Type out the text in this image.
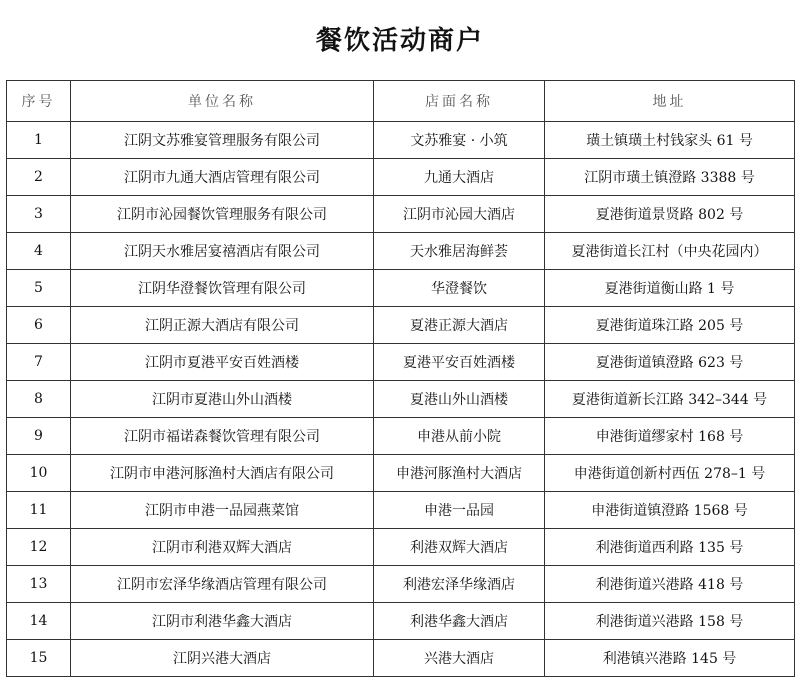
餐饮活动商户
序号	单位名称	店面名称	地址
1	江阴文苏雅宴管理服务有限公司	文苏雅宴 · 小筑	璜土镇璜土村钱家头 61 号
2	江阴市九通大酒店管理有限公司	九通大酒店	江阴市璜土镇澄路 3388 号
3	江阴市沁园餐饮管理服务有限公司	江阴市沁园大酒店	夏港街道景贤路 802 号
4	江阴天水雅居宴禧酒店有限公司	天水雅居海鲜荟	夏港街道长江村（中央花园内）
5	江阴华澄餐饮管理有限公司	华澄餐饮	夏港街道衡山路 1 号
6	江阴正源大酒店有限公司	夏港正源大酒店	夏港街道珠江路 205 号
7	江阴市夏港平安百姓酒楼	夏港平安百姓酒楼	夏港街道镇澄路 623 号
8	江阴市夏港山外山酒楼	夏港山外山酒楼	夏港街道新长江路 342–344 号
9	江阴市福诺森餐饮管理有限公司	申港从前小院	申港街道缪家村 168 号
10	江阴市申港河豚渔村大酒店有限公司	申港河豚渔村大酒店	申港街道创新村西伍 278–1 号
11	江阴市申港一品园燕菜馆	申港一品园	申港街道镇澄路 1568 号
12	江阴市利港双辉大酒店	利港双辉大酒店	利港街道西利路 135 号
13	江阴市宏泽华缘酒店管理有限公司	利港宏泽华缘酒店	利港街道兴港路 418 号
14	江阴市利港华鑫大酒店	利港华鑫大酒店	利港街道兴港路 158 号
15	江阴兴港大酒店	兴港大酒店	利港镇兴港路 145 号
